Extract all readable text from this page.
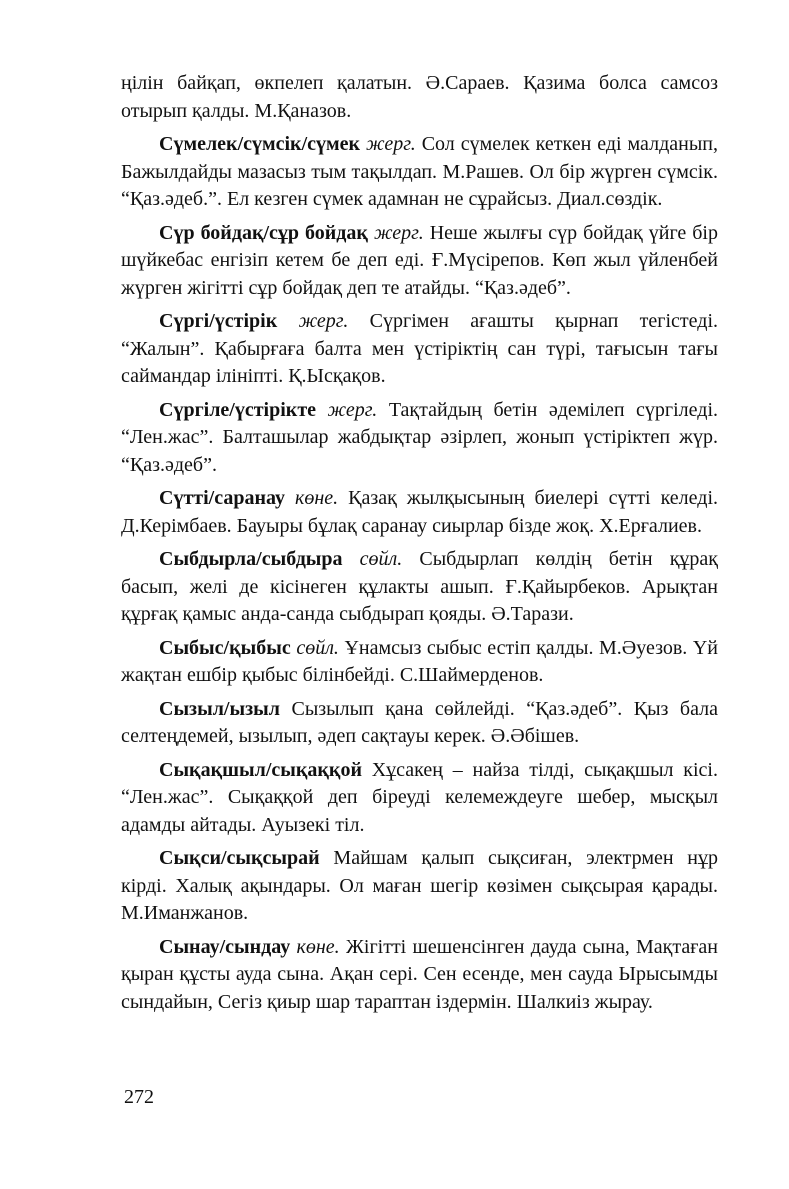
ңілін байқап, өкпелеп қалатын. Ә.Сараев. Қазима болса самсоз отырып қалды. М.Қаназов.

Сүмелек/сүмсік/сүмек жерг. Сол сүмелек кеткен еді малданып, Бажылдайды мазасыз тым тақылдап. М.Рашев. Ол бір жүрген сүмсік. “Қаз.әдеб.”. Ел кезген сүмек адамнан не сұрайсыз. Диал.сөздік.

Сүр бойдақ/сұр бойдақ жерг. Неше жылғы сүр бойдақ үйге бір шүйкебас енгізіп кетем бе деп еді. Ғ.Мүсірепов. Көп жыл үйленбей жүрген жігітті сұр бойдақ деп те атайды. “Қаз.әдеб”.

Сүргі/үстірік жерг. Сүргімен ағашты қырнап тегістеді. “Жалын”. Қабырғаға балта мен үстіріктің сан түрі, тағысын тағы саймандар ілініпті. Қ.Ысқақов.

Сүргіле/үстірікте жерг. Тақтайдың бетін әдемілеп сүргіледі. “Лен.жас”. Балташылар жабдықтар әзірлеп, жонып үстіріктеп жүр. “Қаз.әдеб”.

Сүтті/саранау көне. Қазақ жылқысының биелері сүтті келеді. Д.Керімбаев. Бауыры бұлақ саранау сиырлар бізде жоқ. Х.Ерғалиев.

Сыбдырла/сыбдыра сөйл. Сыбдырлап көлдің бетін құрақ басып, желі де кісінеген құлакты ашып. Ғ.Қайырбеков. Арықтан құрғақ қамыс анда-санда сыбдырап қояды. Ә.Тарази.

Сыбыс/қыбыс сөйл. Ұнамсыз сыбыс естіп қалды. М.Әуезов. Үй жақтан ешбір қыбыс білінбейді. С.Шаймерденов.

Сызыл/ызыл Сызылып қана сөйлейді. “Қаз.әдеб”. Қыз бала селтеңдемей, ызылып, әдеп сақтауы керек. Ә.Әбішев.

Сықақшыл/сықаққой Хұсакең – найза тілді, сықақшыл кісі. “Лен.жас”. Сықаққой деп біреуді келемеждеуге шебер, мысқыл адамды айтады. Ауызекі тіл.

Сықси/сықсырай Майшам қалып сықсиған, электрмен нұр кірді. Халық ақындары. Ол маған шегір көзімен сықсырая қарады. М.Иманжанов.

Сынау/сындау көне. Жігітті шешенсінген дауда сына, Мақтаған қыран құсты ауда сына. Ақан сері. Сен есенде, мен сауда Ырысымды сындайын, Сегіз қиыр шар тараптан іздермін. Шалкиіз жырау.

272
